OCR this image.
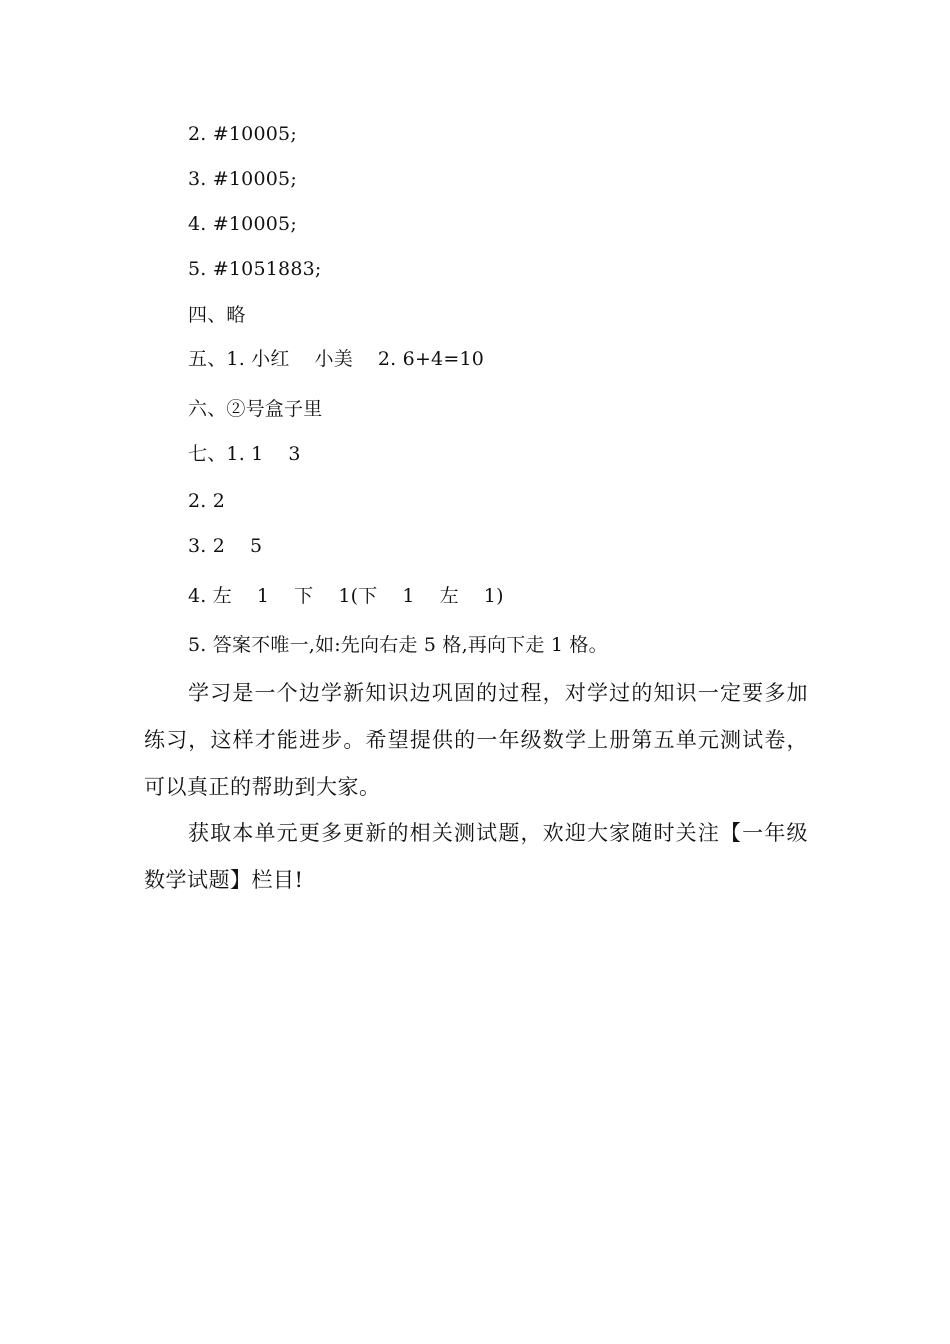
2. #10005;
3. #10005;
4. #10005;
5. #1051883;
四、略
五、1. 小红    小美    2. 6+4=10
六、②号盒子里
七、1. 1    3
2. 2
3. 2    5
4. 左    1    下    1(下    1    左    1)
5. 答案不唯一,如:先向右走 5 格,再向下走 1 格。
学习是一个边学新知识边巩固的过程，对学过的知识一定要多加练习，这样才能进步。希望提供的一年级数学上册第五单元测试卷，可以真正的帮助到大家。
获取本单元更多更新的相关测试题，欢迎大家随时关注【一年级数学试题】栏目!
